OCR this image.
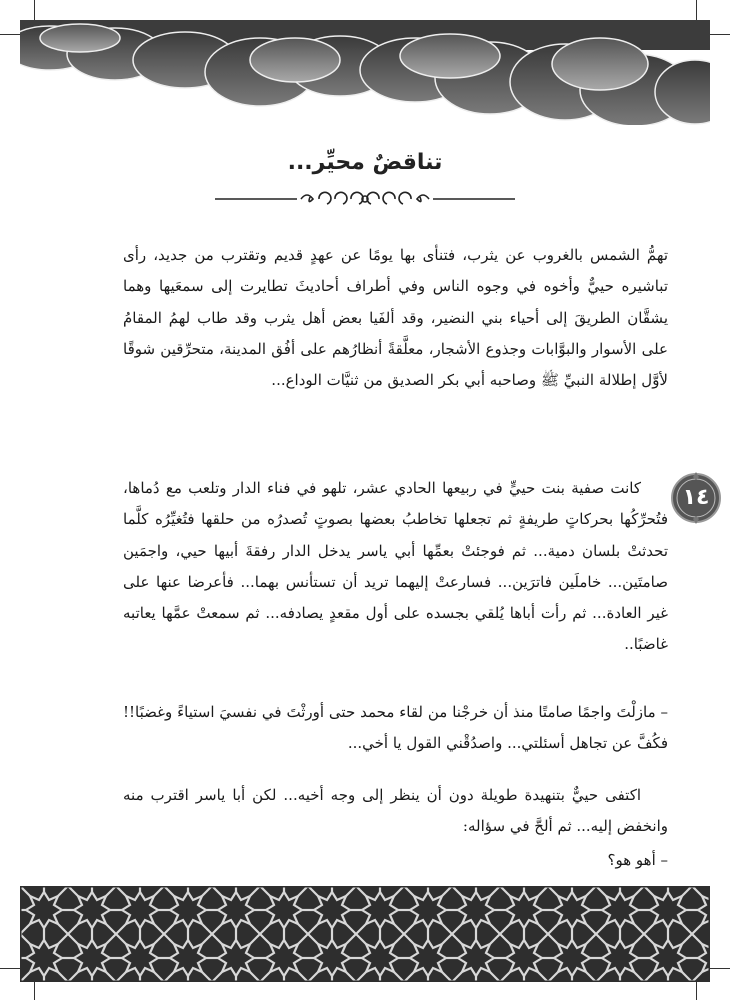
تناقضٌ محيِّر...
١٤

تهمُّ الشمس بالغروب عن يثرب، فتنأى بها يومًا عن عهدٍ قديم وتقترب من جديد، رأى تباشيره حييٌّ وأخوه في وجوه الناس وفي أطراف أحاديثَ تطايرت إلى سمعَيها وهما يشقَّان الطريقَ إلى أحياء بني النضير، وقد ألفَيا بعض أهل يثرب وقد طاب لهمُ المقامُ على الأسوار والبوَّابات وجذوع الأشجار، معلَّقةً أنظارُهم على أفُق المدينة، متحرِّقين شوقًا لأوَّل إطلالة النبيِّ ﷺ وصاحبه أبي بكر الصديق من ثنيَّات الوداع...

كانت صفية بنت حييٍّ في ربيعها الحادي عشر، تلهو في فناء الدار وتلعب مع دُماها، فتُحرِّكُها بحركاتٍ طريفةٍ ثم تجعلها تخاطبُ بعضها بصوتٍ تُصدرُه من حلقها فتُغيِّرُه كلَّما تحدثتْ بلسان دمية... ثم فوجئتْ بعمِّها أبي ياسر يدخل الدار رفقةَ أبيها حيي، واجمَين صامتَين... خاملَين فاترَين... فسارعتْ إليهما تريد أن تستأنس بهما... فأعرضا عنها على غير العادة... ثم رأت أباها يُلقي بجسده على أول مقعدٍ يصادفه... ثم سمعتْ عمَّها يعاتبه غاضبًا..

– مازلْتَ واجمًا صامتًا منذ أن خرجْنا من لقاء محمد حتى أورثْتَ في نفسيَ استياءً وغضبًا!! فكُفَّ عن تجاهل أسئلتي... واصدُقْني القول يا أخي...

اكتفى حييٌّ بتنهيدة طويلة دون أن ينظر إلى وجه أخيه... لكن أبا ياسر اقترب منه وانخفض إليه... ثم ألحَّ في سؤاله:

– أهو هو؟
